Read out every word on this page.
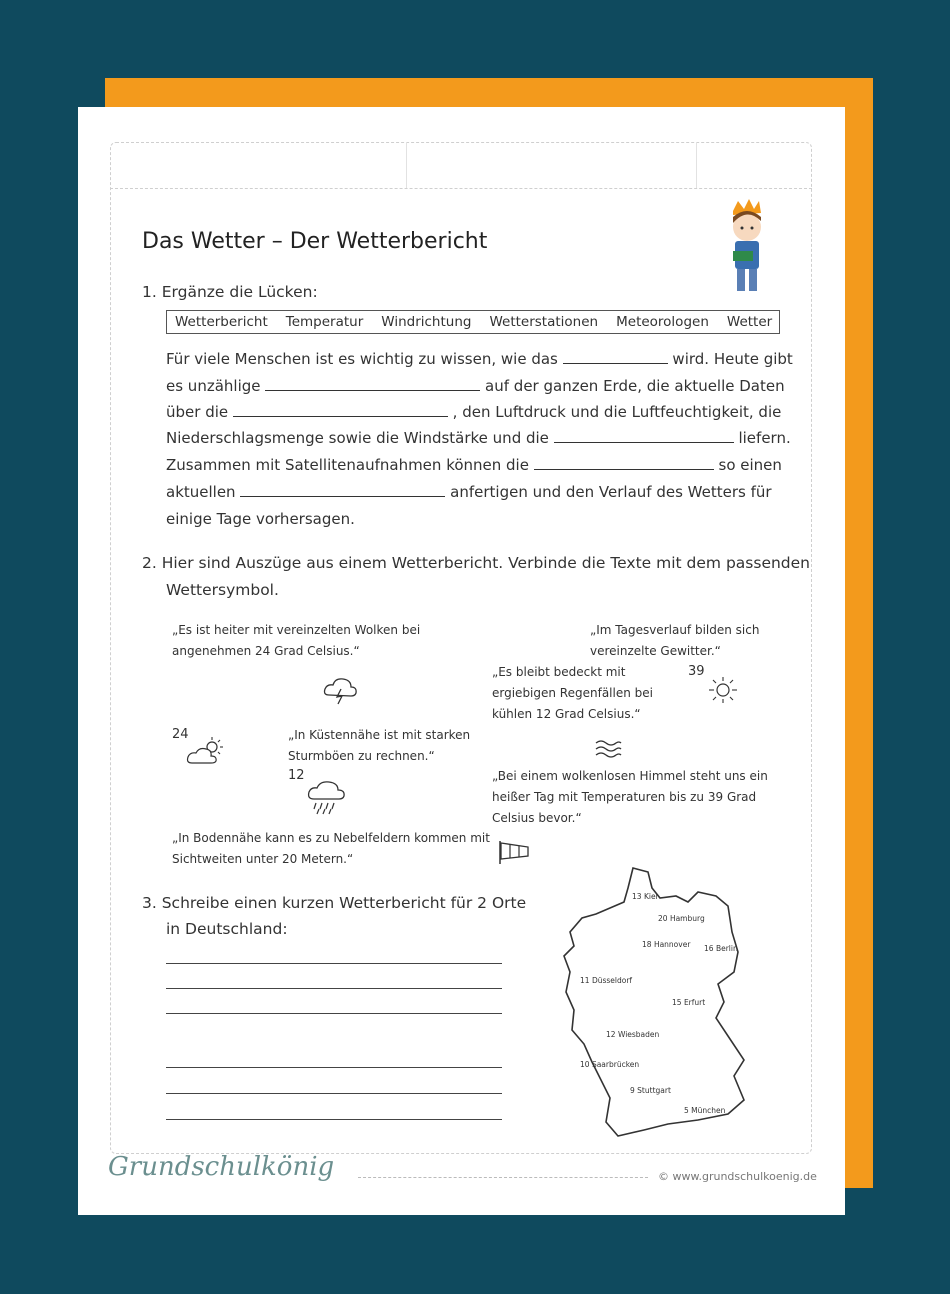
Das Wetter – Der Wetterbericht
1. Ergänze die Lücken:
Wetterbericht Temperatur Windrichtung Wetterstationen Meteorologen Wetter
Für viele Menschen ist es wichtig zu wissen, wie das	wird. Heute gibt
es unzählige	auf der ganzen Erde, die aktuelle Daten
über die	, den Luftdruck und die Luftfeuchtigkeit, die
Niederschlagsmenge sowie die Windstärke und die	liefern.
Zusammen mit Satellitenaufnahmen können die	so einen
aktuellen	anfertigen und den Verlauf des Wetters für
einige Tage vorhersagen.
2. Hier sind Auszüge aus einem Wetterbericht. Verbinde die Texte mit dem passenden
Wettersymbol.
„Es ist heiter mit vereinzelten Wolken bei
angenehmen 24 Grad Celsius.“
„Im Tagesverlauf bilden sich
vereinzelte Gewitter.“
„Es bleibt bedeckt mit
ergiebigen Regenfällen bei
kühlen 12 Grad Celsius.“
„In Küstennähe ist mit starken
Sturmböen zu rechnen.“
„Bei einem wolkenlosen Himmel steht uns ein
heißer Tag mit Temperaturen bis zu 39 Grad
Celsius bevor.“
„In Bodennähe kann es zu Nebelfeldern kommen mit
Sichtweiten unter 20 Metern.“
24
12
39
3. Schreibe einen kurzen Wetterbericht für 2 Orte
in Deutschland:
13 Kiel
20 Hamburg
18 Hannover 16 Berlin
11 Düsseldorf
15 Erfurt
12 Wiesbaden
10 Saarbrücken
9 Stuttgart
5 München
Grundschulkönig	© www.grundschulkoenig.de
